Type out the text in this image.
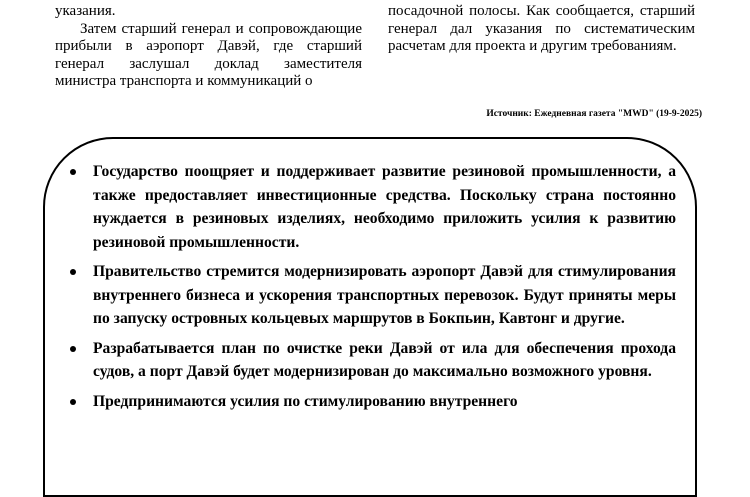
указания.

Затем старший генерал и сопровождающие прибыли в аэропорт Давэй, где старший генерал заслушал доклад заместителя министра транспорта и коммуникаций о

посадочной полосы. Как сообщается, старший генерал дал указания по систематическим расчетам для проекта и другим требованиям.

Источник: Ежедневная газета "MWD" (19-9-2025)
Государство поощряет и поддерживает развитие резиновой промышленности, а также предоставляет инвестиционные средства. Поскольку страна постоянно нуждается в резиновых изделиях, необходимо приложить усилия к развитию резиновой промышленности.
Правительство стремится модернизировать аэропорт Давэй для стимулирования внутреннего бизнеса и ускорения транспортных перевозок. Будут приняты меры по запуску островных кольцевых маршрутов в Бокпьин, Кавтонг и другие.
Разрабатывается план по очистке реки Давэй от ила для обеспечения прохода судов, а порт Давэй будет модернизирован до максимально возможного уровня.
Предпринимаются усилия по стимулированию внутреннего
